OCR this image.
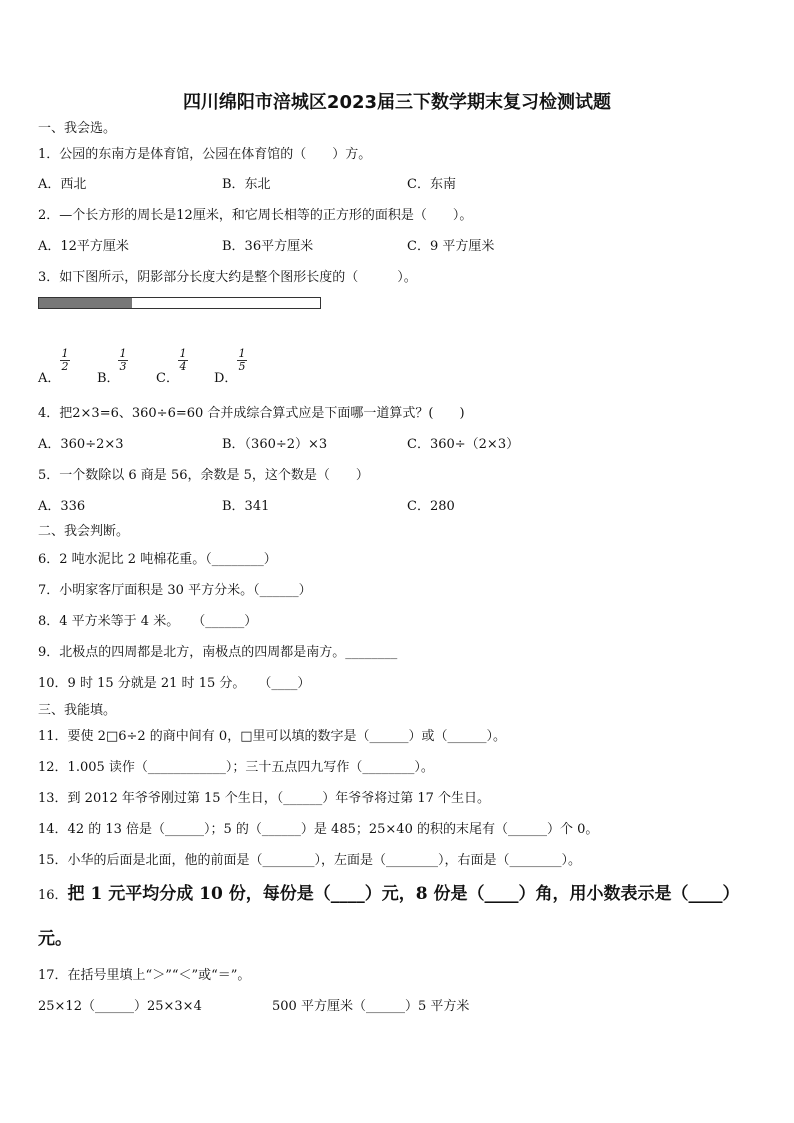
四川绵阳市涪城区2023届三下数学期末复习检测试题
一、我会选。
1．公园的东南方是体育馆，公园在体育馆的（　　）方。
A．西北	B．东北	C．东南
2．—个长方形的周长是12厘米，和它周长相等的正方形的面积是（　　）。
A．12平方厘米	B．36平方厘米	C．9 平方厘米
3．如下图所示，阴影部分长度大约是整个图形长度的（　　　）。
A．
$\frac{1}{2}$
B．
$\frac{1}{3}$
C．
$\frac{1}{4}$
D．
$\frac{1}{5}$
4．把2×3=6、360÷6=60 合并成综合算式应是下面哪一道算式？(　　)
A．360÷2×3	B．（360÷2）×3	C．360÷（2×3）
5．一个数除以 6 商是 56，余数是 5，这个数是（　　）
A．336	B．341	C．280
二、我会判断。
6．2 吨水泥比 2 吨棉花重。（________）
7．小明家客厅面积是 30 平方分米。（______）
8．4 平方米等于 4 米。　　（______）
9．北极点的四周都是北方，南极点的四周都是南方。________
10．9 时 15 分就是 21 时 15 分。　　（____）
三、我能填。
11．要使 2□6÷2 的商中间有 0，□里可以填的数字是（______）或（______）。
12．1.005 读作（____________）；三十五点四九写作（________）。
13．到 2012 年爷爷刚过第 15 个生日，（______）年爷爷将过第 17 个生日。
14．42 的 13 倍是（______）；5 的（______）是 485；25×40 的积的末尾有（______）个 0。
15．小华的后面是北面，他的前面是（________），左面是（________），右面是（________）。
16．把 1 元平均分成 10 份，每份是（____）元，8 份是（____）角，用小数表示是（____）
元。
17．在括号里填上“＞”“＜”或“＝”。
25×12（______）25×3×4	500 平方厘米（______）5 平方米
